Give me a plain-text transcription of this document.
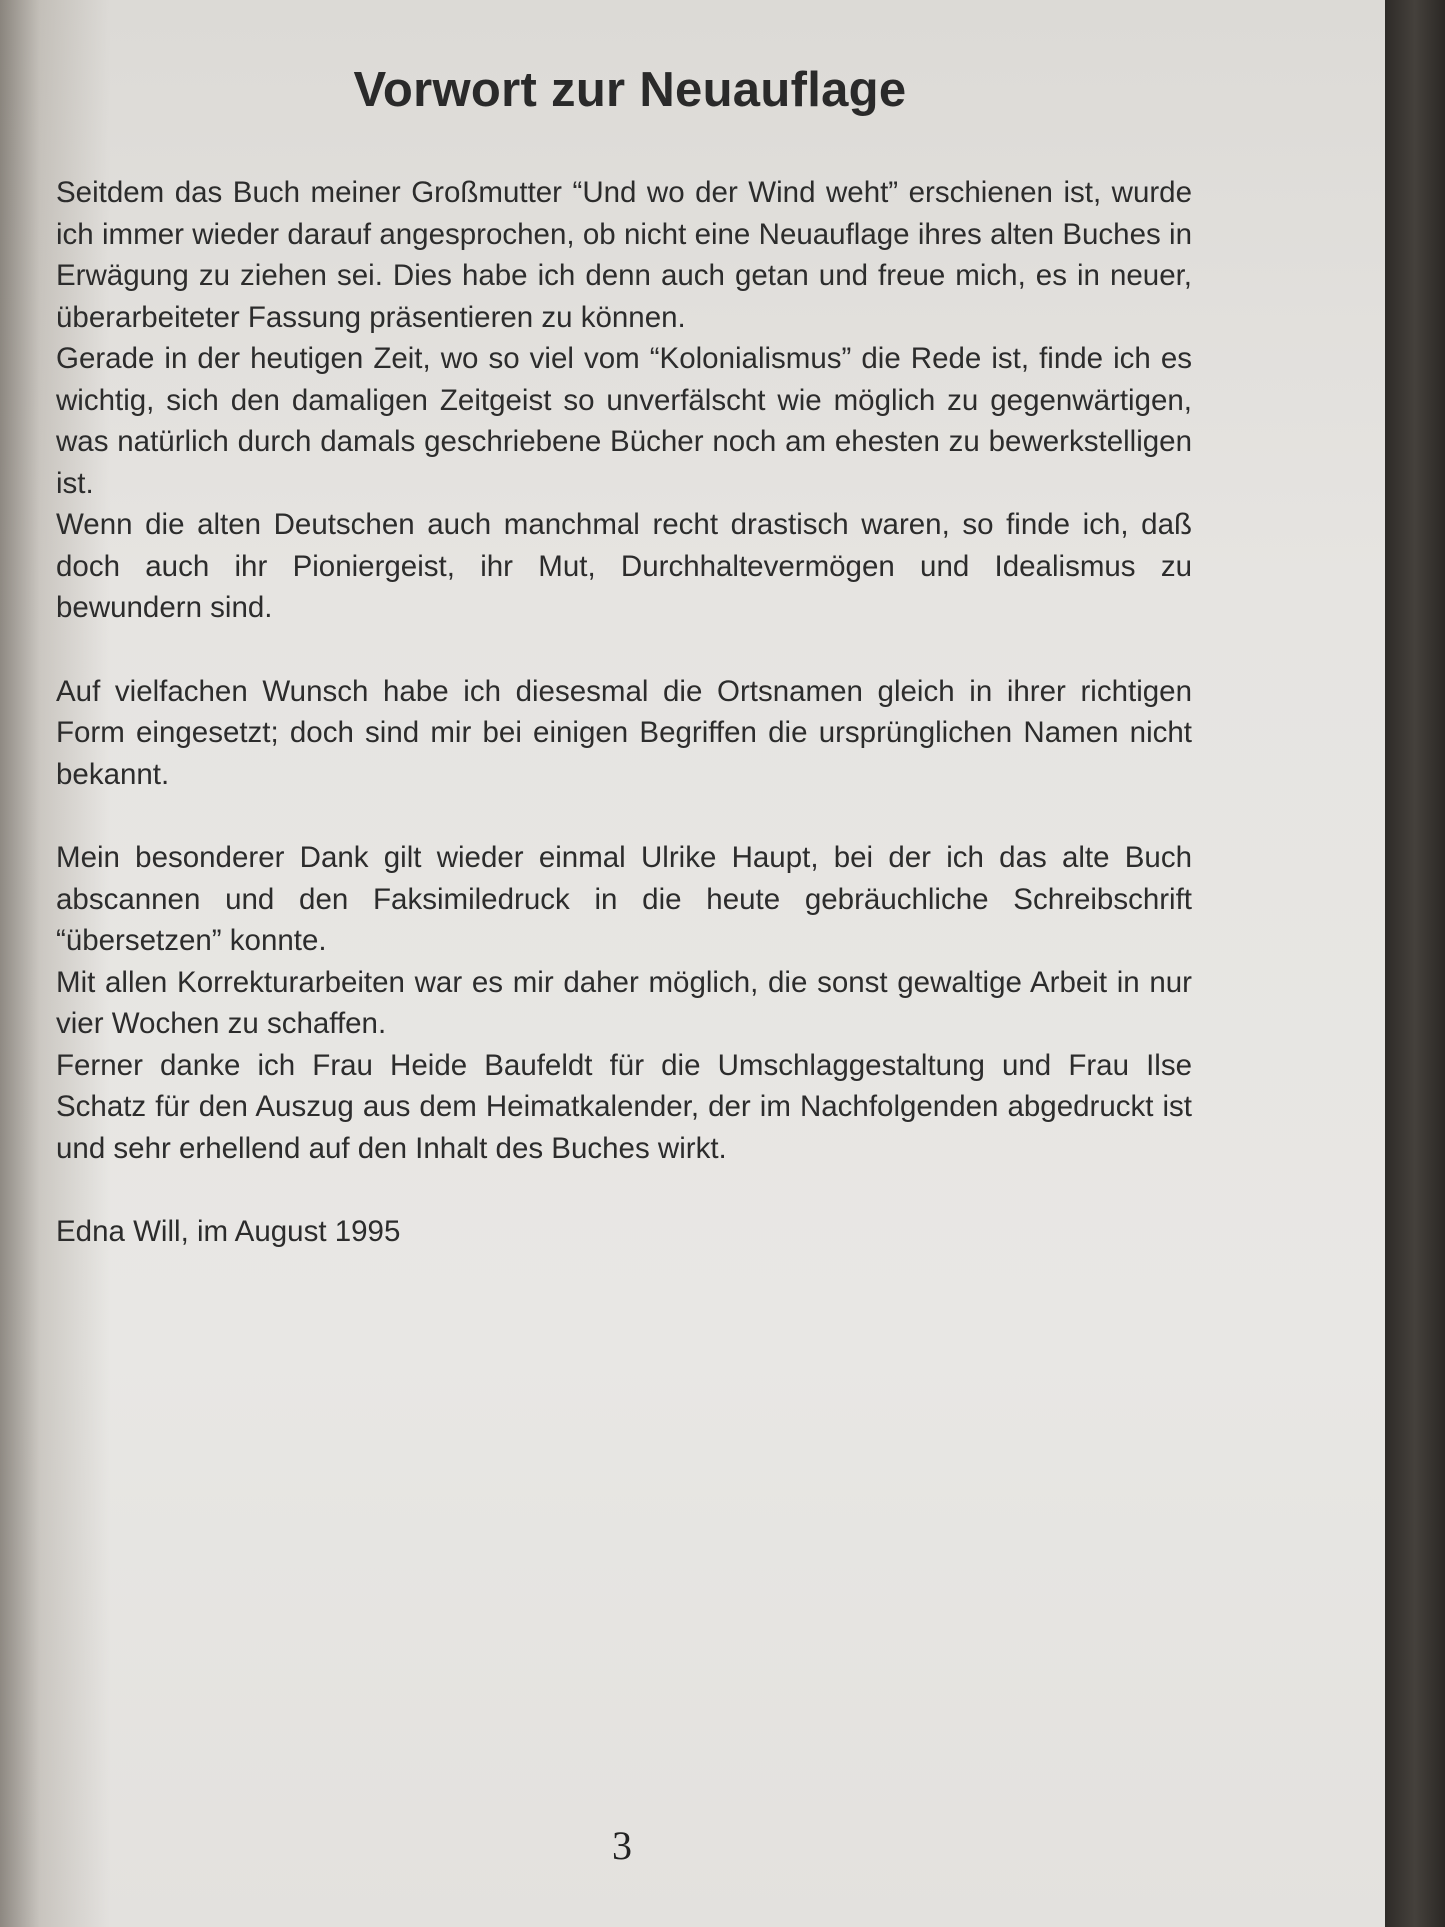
Vorwort zur Neuauflage

Seitdem das Buch meiner Großmutter “Und wo der Wind weht” erschienen ist, wurde ich immer wieder darauf angesprochen, ob nicht eine Neuauflage ihres alten Buches in Erwägung zu ziehen sei. Dies habe ich denn auch getan und freue mich, es in neuer, überarbeiteter Fassung präsentieren zu können.

Gerade in der heutigen Zeit, wo so viel vom “Kolonialismus” die Rede ist, finde ich es wichtig, sich den damaligen Zeitgeist so unverfälscht wie möglich zu gegenwärtigen, was natürlich durch damals geschriebene Bücher noch am ehesten zu bewerkstelligen ist.

Wenn die alten Deutschen auch manchmal recht drastisch waren, so finde ich, daß doch auch ihr Pioniergeist, ihr Mut, Durchhaltevermögen und Idealismus zu bewundern sind.

Auf vielfachen Wunsch habe ich diesesmal die Ortsnamen gleich in ihrer richtigen Form eingesetzt; doch sind mir bei einigen Begriffen die ursprünglichen Namen nicht bekannt.

Mein besonderer Dank gilt wieder einmal Ulrike Haupt, bei der ich das alte Buch abscannen und den Faksimiledruck in die heute gebräuchliche Schreibschrift “übersetzen” konnte.

Mit allen Korrekturarbeiten war es mir daher möglich, die sonst gewaltige Arbeit in nur vier Wochen zu schaffen.

Ferner danke ich Frau Heide Baufeldt für die Umschlaggestaltung und Frau Ilse Schatz für den Auszug aus dem Heimatkalender, der im Nachfolgenden abgedruckt ist und sehr erhellend auf den Inhalt des Buches wirkt.

Edna Will, im August 1995

3
